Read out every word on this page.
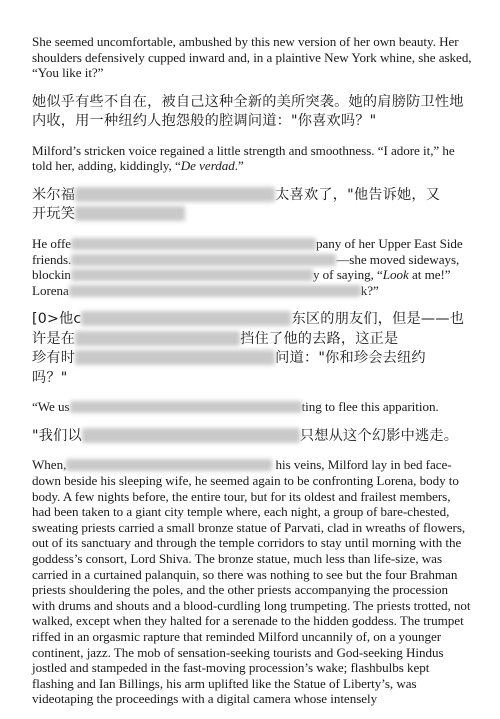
She seemed uncomfortable, ambushed by this new version of her own beauty. Her shoulders defensively cupped inward and, in a plaintive New York whine, she asked, “You like it?”

她似乎有些不自在，被自己这种全新的美所突袭。她的肩膀防卫性地内收，用一种纽约人抱怨般的腔调问道："你喜欢吗？"

Milford’s stricken voice regained a little strength and smoothness. “I adore it,” he told her, adding, kiddingly, “De verdad.”

米尔福	太喜欢了，"他告诉她，又
开玩笑

He offe	pany of her Upper East Side
friends.	—she moved sideways,
blockin	y of saying, “Look at me!”
Lorena	k?”

[0>他c	东区的朋友们，但是——也
许是在	挡住了他的去路，这正是
珍有时	问道："你和珍会去纽约
吗？"

“We us	ting to flee this apparition.

"我们以	只想从这个幻影中逃走。

When,	his veins, Milford lay in bed face-down beside his sleeping wife, he seemed again to be confronting Lorena, body to body. A few nights before, the entire tour, but for its oldest and frailest members, had been taken to a giant city temple where, each night, a group of bare-chested, sweating priests carried a small bronze statue of Parvati, clad in wreaths of flowers, out of its sanctuary and through the temple corridors to stay until morning with the goddess’s consort, Lord Shiva. The bronze statue, much less than life-size, was carried in a curtained palanquin, so there was nothing to see but the four Brahman priests shouldering the poles, and the other priests accompanying the procession with drums and shouts and a blood-curdling long trumpeting. The priests trotted, not walked, except when they halted for a serenade to the hidden goddess. The trumpet riffed in an orgasmic rapture that reminded Milford uncannily of, on a younger continent, jazz. The mob of sensation-seeking tourists and God-seeking Hindus jostled and stampeded in the fast-moving procession’s wake; flashbulbs kept flashing and Ian Billings, his arm uplifted like the Statue of Liberty’s, was videotaping the proceedings with a digital camera whose intensely
